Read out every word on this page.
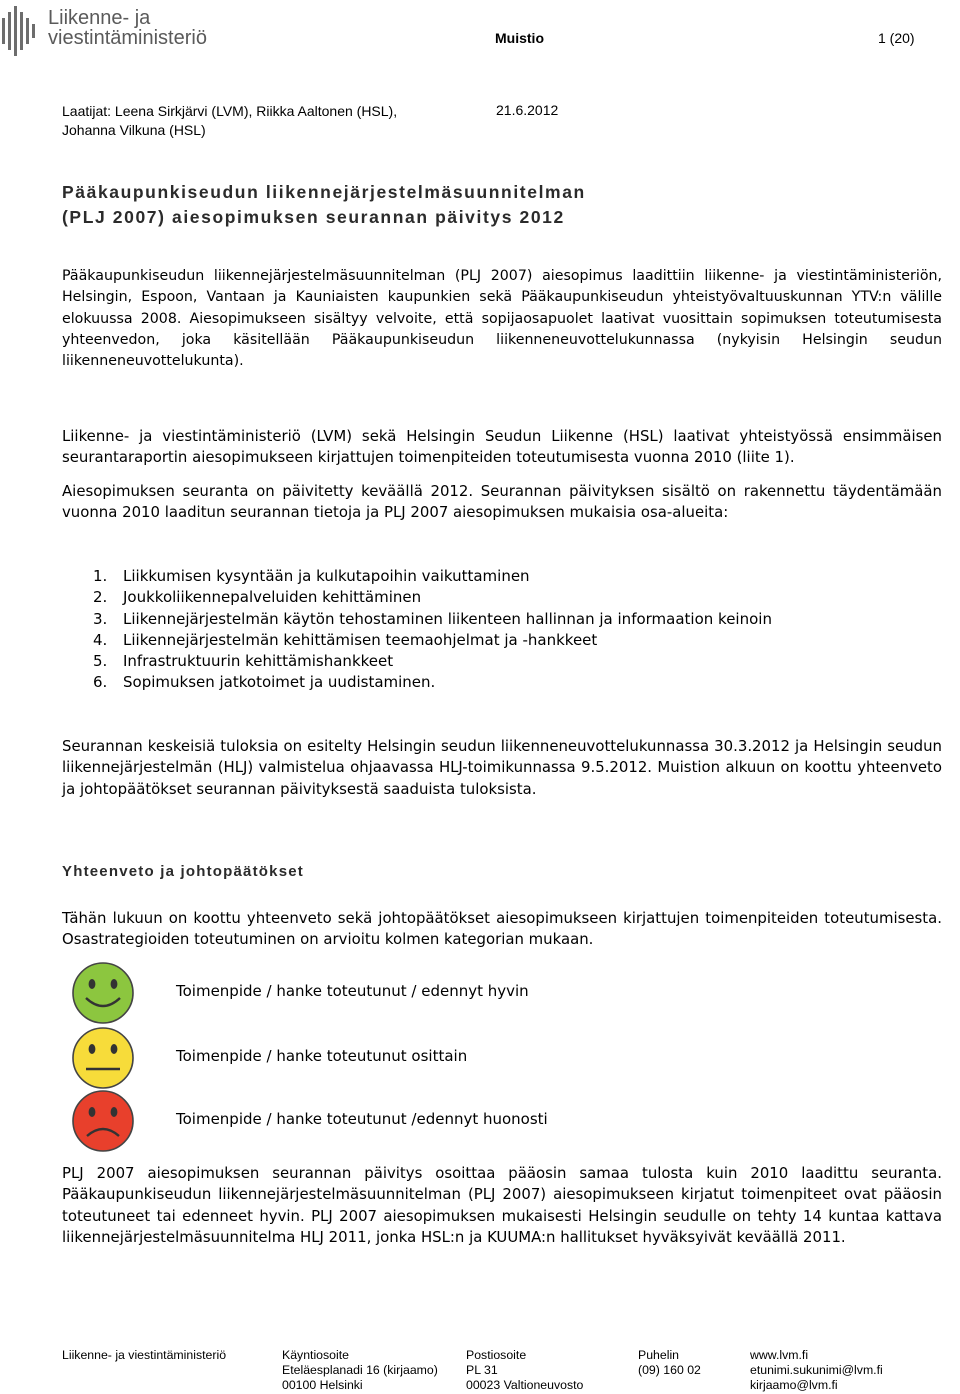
Liikenne- ja
viestintäministeriö	Muistio	1 (20)
Laatijat: Leena Sirkjärvi (LVM), Riikka Aaltonen (HSL),
Johanna Vilkuna (HSL)
21.6.2012
Pääkaupunkiseudun liikennejärjestelmäsuunnitelman
(PLJ 2007) aiesopimuksen seurannan päivitys 2012

Pääkaupunkiseudun liikennejärjestelmäsuunnitelman (PLJ 2007) aiesopimus laadittiin liikenne- ja viestintäministeriön, Helsingin, Espoon, Vantaan ja Kauniaisten kaupunkien sekä Pääkaupunkiseudun yhteistyövaltuuskunnan YTV:n välille elokuussa 2008. Aiesopimukseen sisältyy velvoite, että sopijaosapuolet laativat vuosittain sopimuksen toteutumisesta yhteenvedon, joka käsitellään Pääkaupunkiseudun liikenneneuvottelukunnassa (nykyisin Helsingin seudun liikenneneuvottelukunta).

Liikenne- ja viestintäministeriö (LVM) sekä Helsingin Seudun Liikenne (HSL) laativat yhteistyössä ensimmäisen seurantaraportin aiesopimukseen kirjattujen toimenpiteiden toteutumisesta vuonna 2010 (liite 1).

Aiesopimuksen seuranta on päivitetty keväällä 2012. Seurannan päivityksen sisältö on rakennettu täydentämään vuonna 2010 laaditun seurannan tietoja ja PLJ 2007 aiesopimuksen mukaisia osa-alueita:

1. Liikkumisen kysyntään ja kulkutapoihin vaikuttaminen
2. Joukkoliikennepalveluiden kehittäminen
3. Liikennejärjestelmän käytön tehostaminen liikenteen hallinnan ja informaation keinoin
4. Liikennejärjestelmän kehittämisen teemaohjelmat ja -hankkeet
5. Infrastruktuurin kehittämishankkeet
6. Sopimuksen jatkotoimet ja uudistaminen.

Seurannan keskeisiä tuloksia on esitelty Helsingin seudun liikenneneuvottelukunnassa 30.3.2012 ja Helsingin seudun liikennejärjestelmän (HLJ) valmistelua ohjaavassa HLJ-toimikunnassa 9.5.2012. Muistion alkuun on koottu yhteenveto ja johtopäätökset seurannan päivityksestä saaduista tuloksista.

Yhteenveto ja johtopäätökset

Tähän lukuun on koottu yhteenveto sekä johtopäätökset aiesopimukseen kirjattujen toimenpiteiden toteutumisesta. Osastrategioiden toteutuminen on arvioitu kolmen kategorian mukaan.

Toimenpide / hanke toteutunut / edennyt hyvin
Toimenpide / hanke toteutunut osittain
Toimenpide / hanke toteutunut /edennyt huonosti

PLJ 2007 aiesopimuksen seurannan päivitys osoittaa pääosin samaa tulosta kuin 2010 laadittu seuranta. Pääkaupunkiseudun liikennejärjestelmäsuunnitelman (PLJ 2007) aiesopimukseen kirjatut toimenpiteet ovat pääosin toteutuneet tai edenneet hyvin. PLJ 2007 aiesopimuksen mukaisesti Helsingin seudulle on tehty 14 kuntaa kattava liikennejärjestelmäsuunnitelma HLJ 2011, jonka HSL:n ja KUUMA:n hallitukset hyväksyivät keväällä 2011.

Liikenne- ja viestintäministeriö	Käyntiosoite
Eteläesplanadi 16 (kirjaamo)
00100 Helsinki
Postiosoite
PL 31
00023 Valtioneuvosto
Puhelin
(09) 160 02
www.lvm.fi
etunimi.sukunimi@lvm.fi
kirjaamo@lvm.fi
